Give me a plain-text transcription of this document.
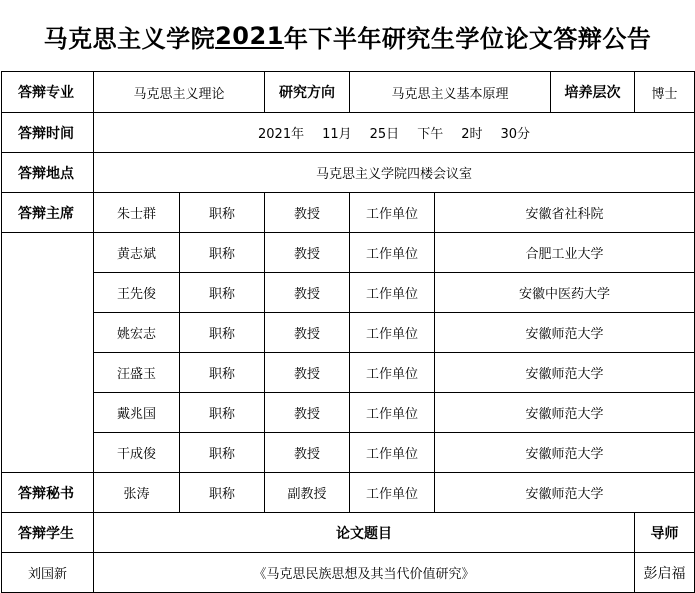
马克思主义学院 2021 年下半年研究生学位论文答辩公告
答辩专业	马克思主义理论		研究方向	马克思主义基本原理		培养层次	博士
答辩时间	2021年 11月 25日 下午 2时 30分						
答辩地点	马克思主义学院四楼会议室						
答辩主席	朱士群	职称	教授	工作单位	安徽省社科院		
	黄志斌	职称	教授	工作单位	合肥工业大学		
	王先俊	职称	教授	工作单位	安徽中医药大学		
	姚宏志	职称	教授	工作单位	安徽师范大学		
	汪盛玉	职称	教授	工作单位	安徽师范大学		
	戴兆国	职称	教授	工作单位	安徽师范大学		
	干成俊	职称	教授	工作单位	安徽师范大学		
答辩秘书	张涛	职称	副教授	工作单位	安徽师范大学		
答辩学生	论文题目						导师
刘国新	《马克思民族思想及其当代价值研究》						彭启福
